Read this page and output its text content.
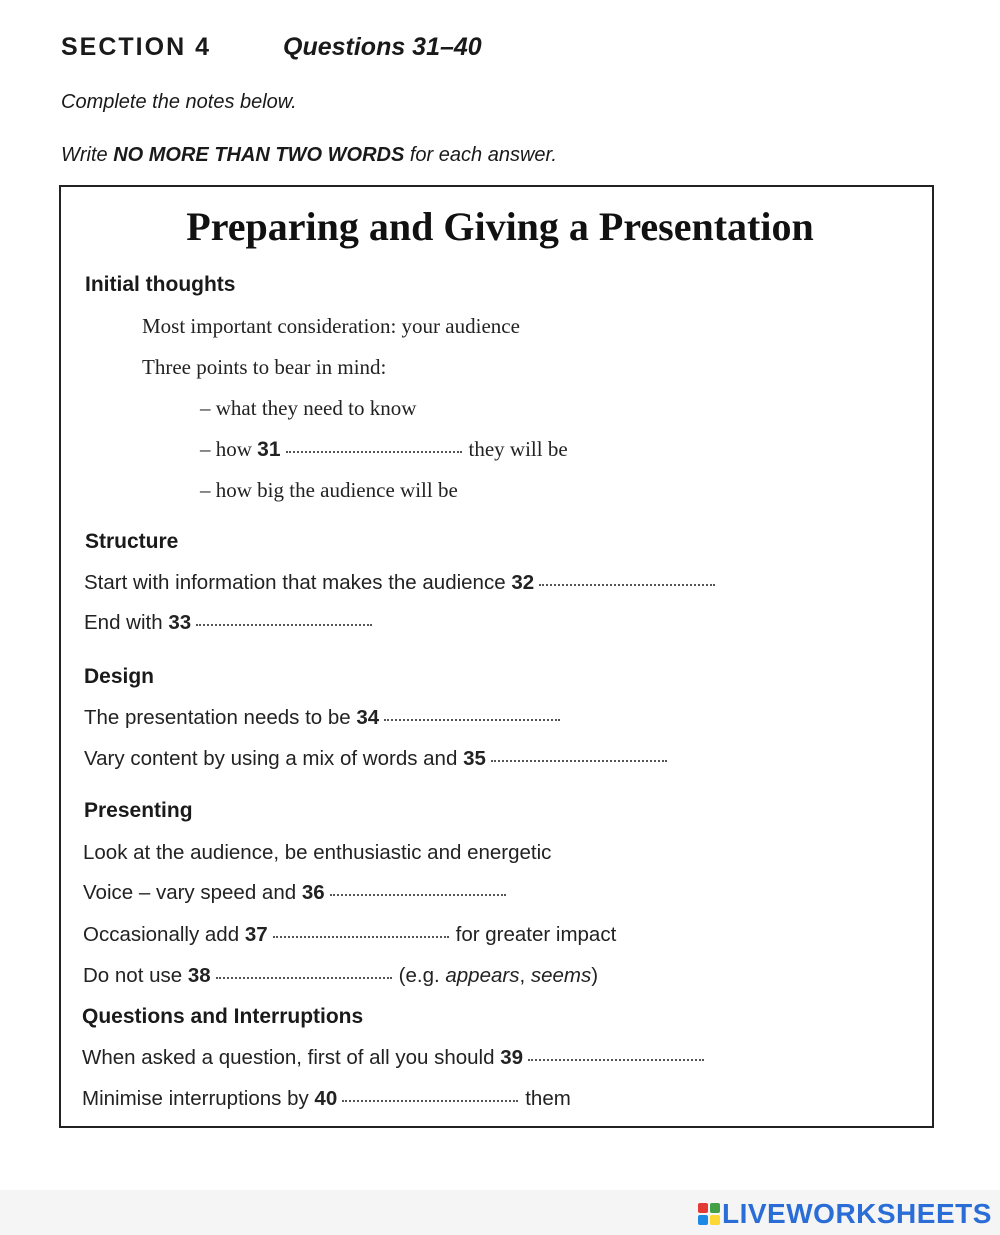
SECTION 4	Questions 31–40
Complete the notes below.
Write NO MORE THAN TWO WORDS for each answer.
Preparing and Giving a Presentation
Initial thoughts
Most important consideration: your audience
Three points to bear in mind:
– what they need to know
– how 31	they will be
– how big the audience will be
Structure
Start with information that makes the audience 32
End with 33
Design
The presentation needs to be 34
Vary content by using a mix of words and 35
Presenting
Look at the audience, be enthusiastic and energetic
Voice – vary speed and 36
Occasionally add 37	for greater impact
Do not use 38	(e.g. appears, seems)
Questions and Interruptions
When asked a question, first of all you should 39
Minimise interruptions by 40	them
LIVEWORKSHEETS
